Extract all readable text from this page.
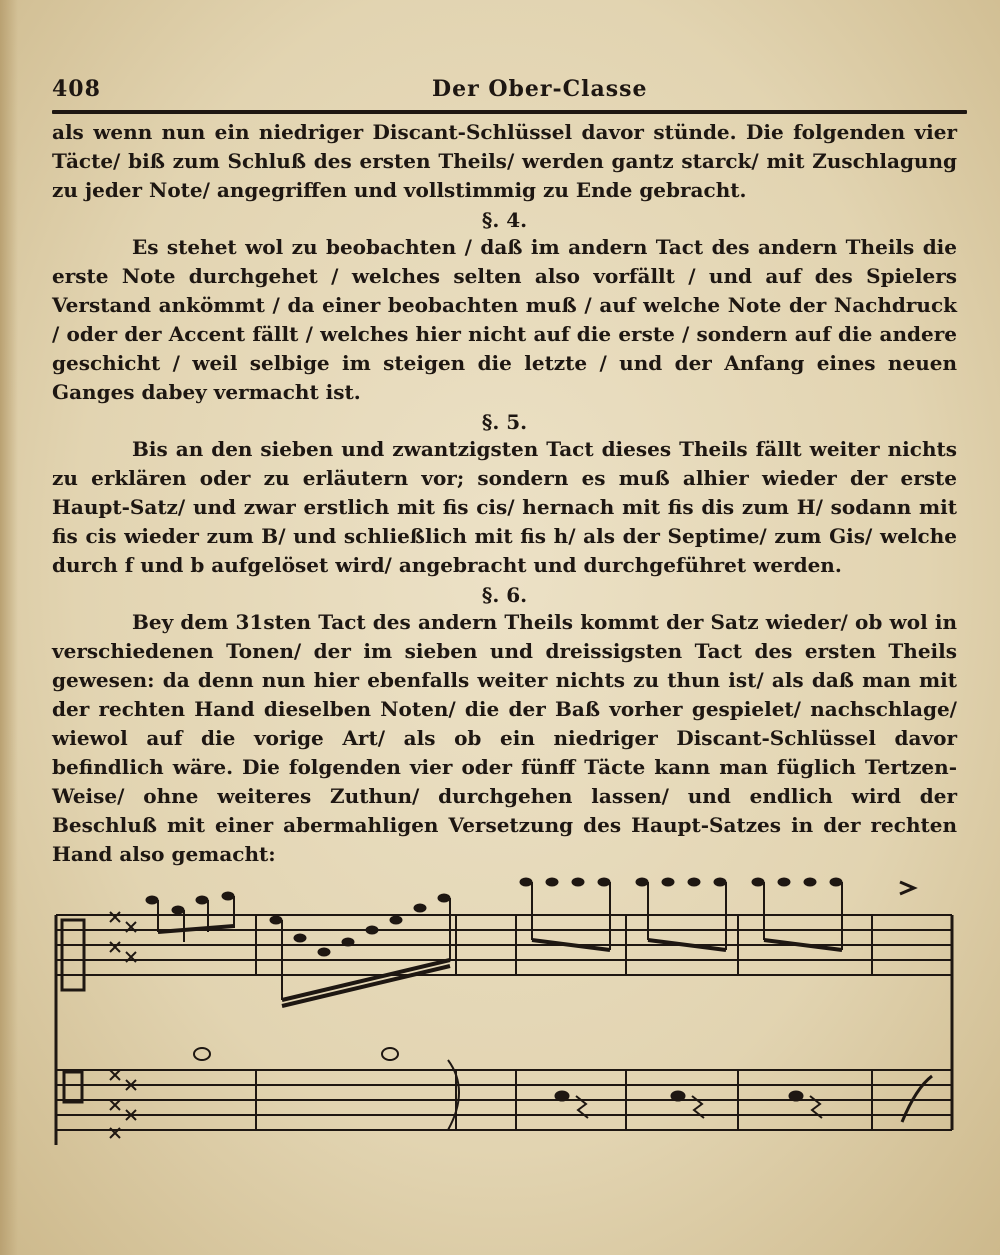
408	Der Ober-Classe

als wenn nun ein niedriger Discant-Schlüssel davor stünde. Die folgenden vier Täcte/ biß zum Schluß des ersten Theils/ werden gantz starck/ mit Zuschlagung zu jeder Note/ angegriffen und vollstimmig zu Ende gebracht.

§. 4.

Es stehet wol zu beobachten / daß im andern Tact des andern Theils die erste Note durchgehet / welches selten also vorfällt / und auf des Spielers Verstand ankömmt / da einer beobachten muß / auf welche Note der Nachdruck / oder der Accent fällt / welches hier nicht auf die erste / sondern auf die andere geschicht / weil selbige im steigen die letzte / und der Anfang eines neuen Ganges dabey vermacht ist.

§. 5.

Bis an den sieben und zwantzigsten Tact dieses Theils fällt weiter nichts zu erklären oder zu erläutern vor; sondern es muß alhier wieder der erste Haupt-Satz/ und zwar erstlich mit fis cis/ hernach mit fis dis zum H/ sodann mit fis cis wieder zum B/ und schließlich mit fis h/ als der Septime/ zum Gis/ welche durch f und b aufgelöset wird/ angebracht und durchgeführet werden.

§. 6.

Bey dem 31sten Tact des andern Theils kommt der Satz wieder/ ob wol in verschiedenen Tonen/ der im sieben und dreissigsten Tact des ersten Theils gewesen: da denn nun hier ebenfalls weiter nichts zu thun ist/ als daß man mit der rechten Hand dieselben Noten/ die der Baß vorher gespielet/ nachschlage/ wiewol auf die vorige Art/ als ob ein niedriger Discant-Schlüssel davor befindlich wäre. Die folgenden vier oder fünff Täcte kann man füglich Tertzen-Weise/ ohne weiteres Zuthun/ durchgehen lassen/ und endlich wird der Beschluß mit einer abermahligen Versetzung des Haupt-Satzes in der rechten Hand also gemacht:
